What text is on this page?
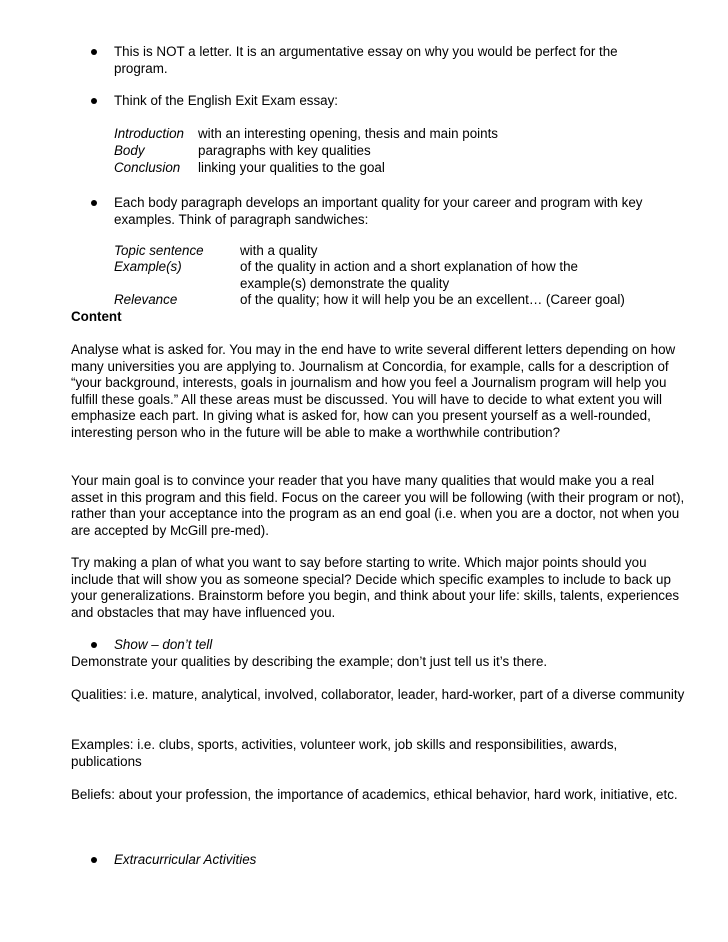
This is NOT a letter. It is an argumentative essay on why you would be perfect for the program.
Think of the English Exit Exam essay:
Introduction with an interesting opening, thesis and main points
Body	paragraphs with key qualities
Conclusion linking your qualities to the goal
Each body paragraph develops an important quality for your career and program with key examples. Think of paragraph sandwiches:
Topic sentence	with a quality
Example(s)	of the quality in action and a short explanation of how the example(s) demonstrate the quality
Relevance	of the quality; how it will help you be an excellent… (Career goal)
Content
Analyse what is asked for. You may in the end have to write several different letters depending on how many universities you are applying to. Journalism at Concordia, for example, calls for a description of “your background, interests, goals in journalism and how you feel a Journalism program will help you fulfill these goals.” All these areas must be discussed. You will have to decide to what extent you will emphasize each part. In giving what is asked for, how can you present yourself as a well-rounded, interesting person who in the future will be able to make a worthwhile contribution?
Your main goal is to convince your reader that you have many qualities that would make you a real asset in this program and this field. Focus on the career you will be following (with their program or not), rather than your acceptance into the program as an end goal (i.e. when you are a doctor, not when you are accepted by McGill pre-med).
Try making a plan of what you want to say before starting to write. Which major points should you include that will show you as someone special? Decide which specific examples to include to back up your generalizations. Brainstorm before you begin, and think about your life: skills, talents, experiences and obstacles that may have influenced you.
Show – don’t tell
Demonstrate your qualities by describing the example; don’t just tell us it’s there.
Qualities: i.e. mature, analytical, involved, collaborator, leader, hard-worker, part of a diverse community
Examples: i.e. clubs, sports, activities, volunteer work, job skills and responsibilities, awards, publications
Beliefs: about your profession, the importance of academics, ethical behavior, hard work, initiative, etc.
Extracurricular Activities
